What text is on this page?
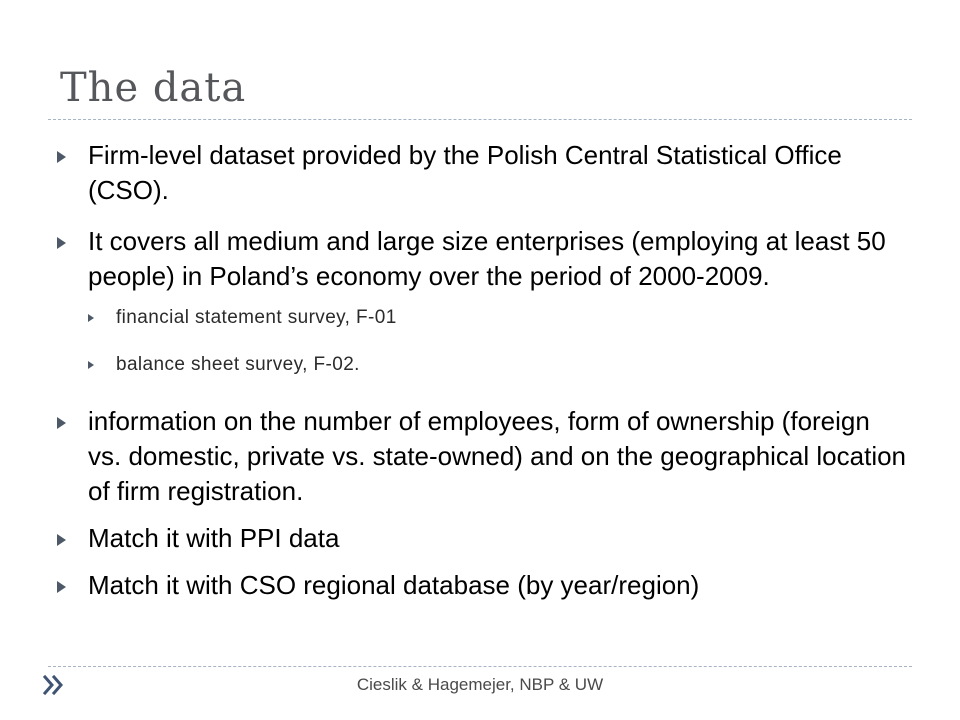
The data
Firm-level dataset provided by the Polish Central Statistical Office (CSO).
It covers all medium and large size enterprises (employing at least 50 people) in Poland’s economy over the period of 2000-2009.
financial statement survey, F-01
balance sheet survey, F-02.
information on the number of employees, form of ownership (foreign vs. domestic, private vs. state-owned) and on the geographical location of firm registration.
Match it with PPI data
Match it with CSO regional database (by year/region)
Cieslik & Hagemejer, NBP & UW
